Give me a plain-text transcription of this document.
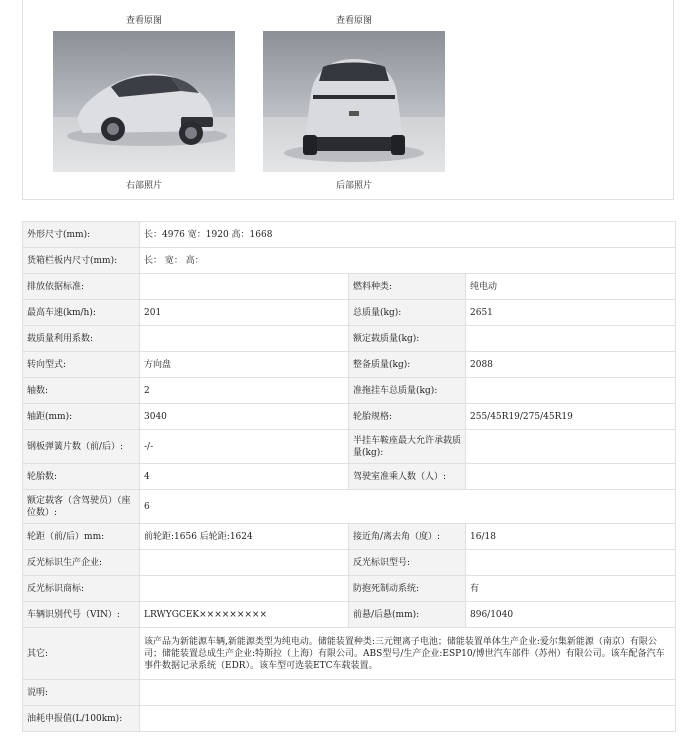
查看原图
右部照片
查看原图
后部照片
外形尺寸(mm):	长：4976 宽：1920 高：1668		
货箱栏板内尺寸(mm):	长： 宽： 高：		
排放依据标准:		燃料种类:	纯电动
最高车速(km/h):	201	总质量(kg):	2651
载质量利用系数:		额定载质量(kg):	
转向型式:	方向盘	整备质量(kg):	2088
轴数:	2	准拖挂车总质量(kg):	
轴距(mm):	3040	轮胎规格:	255/45R19/275/45R19
钢板弹簧片数（前/后）:	-/-	半挂车鞍座最大允许承载质量(kg):	
轮胎数:	4	驾驶室准乘人数（人）:	
额定载客（含驾驶员）（座位数）:	6		
轮距（前/后）mm:	前轮距:1656 后轮距:1624	接近角/离去角（度）:	16/18
反光标识生产企业:		反光标识型号:	
反光标识商标:		防抱死制动系统:	有
车辆识别代号（VIN）:	LRWYGCEK×××××××××	前悬/后悬(mm):	896/1040
其它:	该产品为新能源车辆,新能源类型为纯电动。储能装置种类:三元锂离子电池；储能装置单体生产企业:爱尔集新能源（南京）有限公司；储能装置总成生产企业:特斯拉（上海）有限公司。ABS型号/生产企业:ESP10/博世汽车部件（苏州）有限公司。该车配备汽车事件数据记录系统（EDR）。该车型可选装ETC车载装置。		
说明:			
油耗申报值(L/100km):			
